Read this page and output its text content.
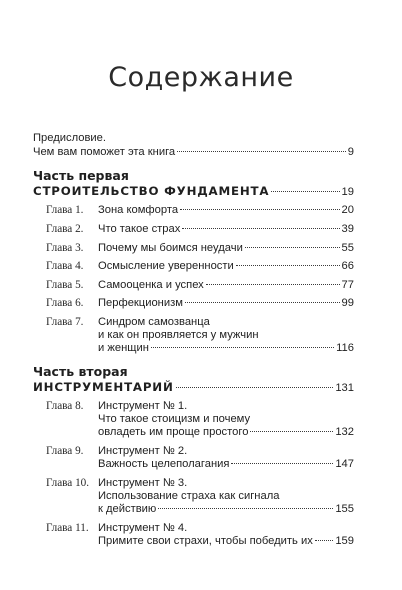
Содержание
Предисловие.
Чем вам поможет эта книга	9
Часть первая
СТРОИТЕЛЬСТВО ФУНДАМЕНТА	19
Глава 1. Зона комфорта	20
Глава 2. Что такое страх	39
Глава 3. Почему мы боимся неудачи	55
Глава 4. Осмысление уверенности	66
Глава 5. Самооценка и успех	77
Глава 6. Перфекционизм	99
Глава 7. Синдром самозванца
и как он проявляется у мужчин
и женщин	116
Часть вторая
ИНСТРУМЕНТАРИЙ	131
Глава 8. Инструмент № 1.
Что такое стоицизм и почему
овладеть им проще простого	132
Глава 9. Инструмент № 2.
Важность целеполагания	147
Глава 10. Инструмент № 3.
Использование страха как сигнала
к действию	155
Глава 11. Инструмент № 4.
Примите свои страхи, чтобы победить их 159
